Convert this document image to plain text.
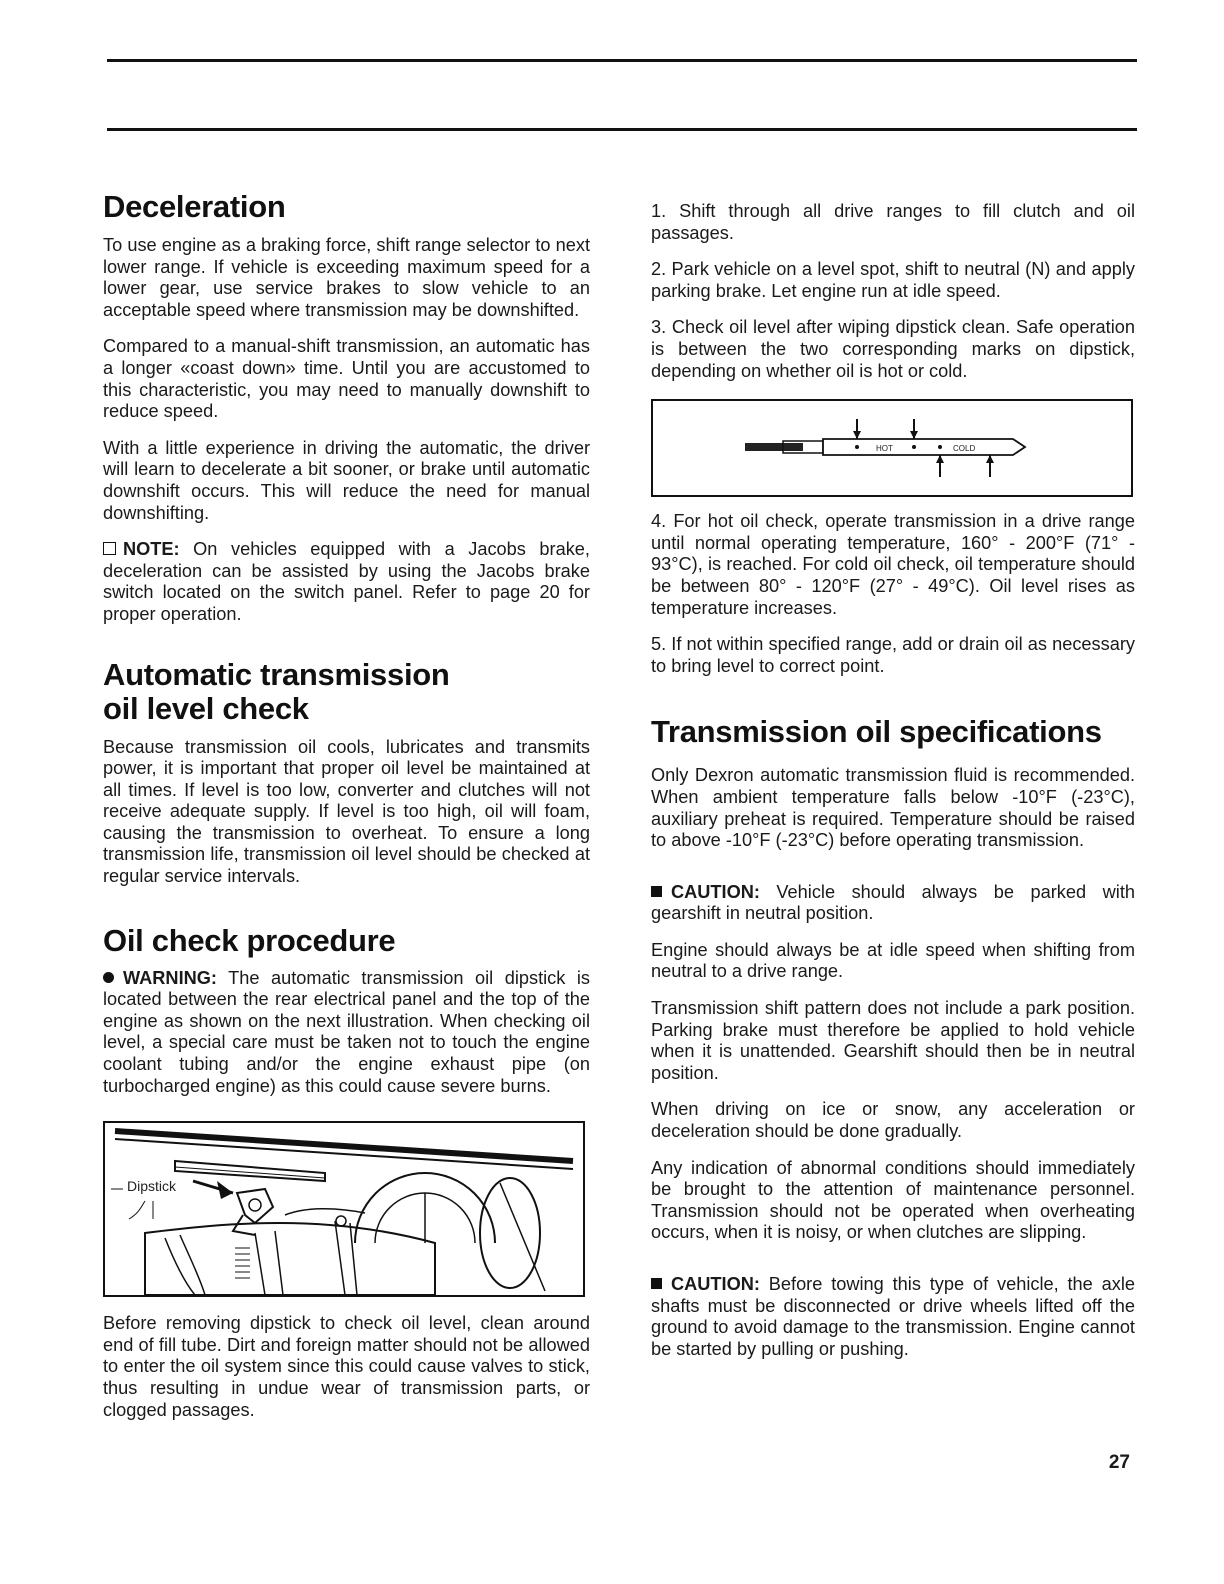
Deceleration

To use engine as a braking force, shift range selector to next lower range. If vehicle is exceeding maximum speed for a lower gear, use service brakes to slow vehicle to an acceptable speed where transmission may be downshifted.

Compared to a manual-shift transmission, an automatic has a longer «coast down» time. Until you are accustomed to this characteristic, you may need to manually downshift to reduce speed.

With a little experience in driving the automatic, the driver will learn to decelerate a bit sooner, or brake until automatic downshift occurs. This will reduce the need for manual downshifting.

NOTE: On vehicles equipped with a Jacobs brake, deceleration can be assisted by using the Jacobs brake switch located on the switch panel. Refer to page 20 for proper operation.

Automatic transmission
oil level check

Because transmission oil cools, lubricates and transmits power, it is important that proper oil level be maintained at all times. If level is too low, converter and clutches will not receive adequate supply. If level is too high, oil will foam, causing the transmission to overheat. To ensure a long transmission life, transmission oil level should be checked at regular service intervals.

Oil check procedure

WARNING: The automatic transmission oil dipstick is located between the rear electrical panel and the top of the engine as shown on the next illustration. When checking oil level, a special care must be taken not to touch the engine coolant tubing and/or the engine exhaust pipe (on turbocharged engine) as this could cause severe burns.

Dipstick

Before removing dipstick to check oil level, clean around end of fill tube. Dirt and foreign matter should not be allowed to enter the oil system since this could cause valves to stick, thus resulting in undue wear of transmission parts, or clogged passages.

1. Shift through all drive ranges to fill clutch and oil passages.

2. Park vehicle on a level spot, shift to neutral (N) and apply parking brake. Let engine run at idle speed.

3. Check oil level after wiping dipstick clean. Safe operation is between the two corresponding marks on dipstick, depending on whether oil is hot or cold.

HOT	COLD

4. For hot oil check, operate transmission in a drive range until normal operating temperature, 160° - 200°F (71° - 93°C), is reached. For cold oil check, oil temperature should be between 80° - 120°F (27° - 49°C). Oil level rises as temperature increases.

5. If not within specified range, add or drain oil as necessary to bring level to correct point.

Transmission oil specifications

Only Dexron automatic transmission fluid is recommended. When ambient temperature falls below -10°F (-23°C), auxiliary preheat is required. Temperature should be raised to above -10°F (-23°C) before operating transmission.

CAUTION: Vehicle should always be parked with gearshift in neutral position.

Engine should always be at idle speed when shifting from neutral to a drive range.

Transmission shift pattern does not include a park position. Parking brake must therefore be applied to hold vehicle when it is unattended. Gearshift should then be in neutral position.

When driving on ice or snow, any acceleration or deceleration should be done gradually.

Any indication of abnormal conditions should immediately be brought to the attention of maintenance personnel. Transmission should not be operated when overheating occurs, when it is noisy, or when clutches are slipping.

CAUTION: Before towing this type of vehicle, the axle shafts must be disconnected or drive wheels lifted off the ground to avoid damage to the transmission. Engine cannot be started by pulling or pushing.

27
